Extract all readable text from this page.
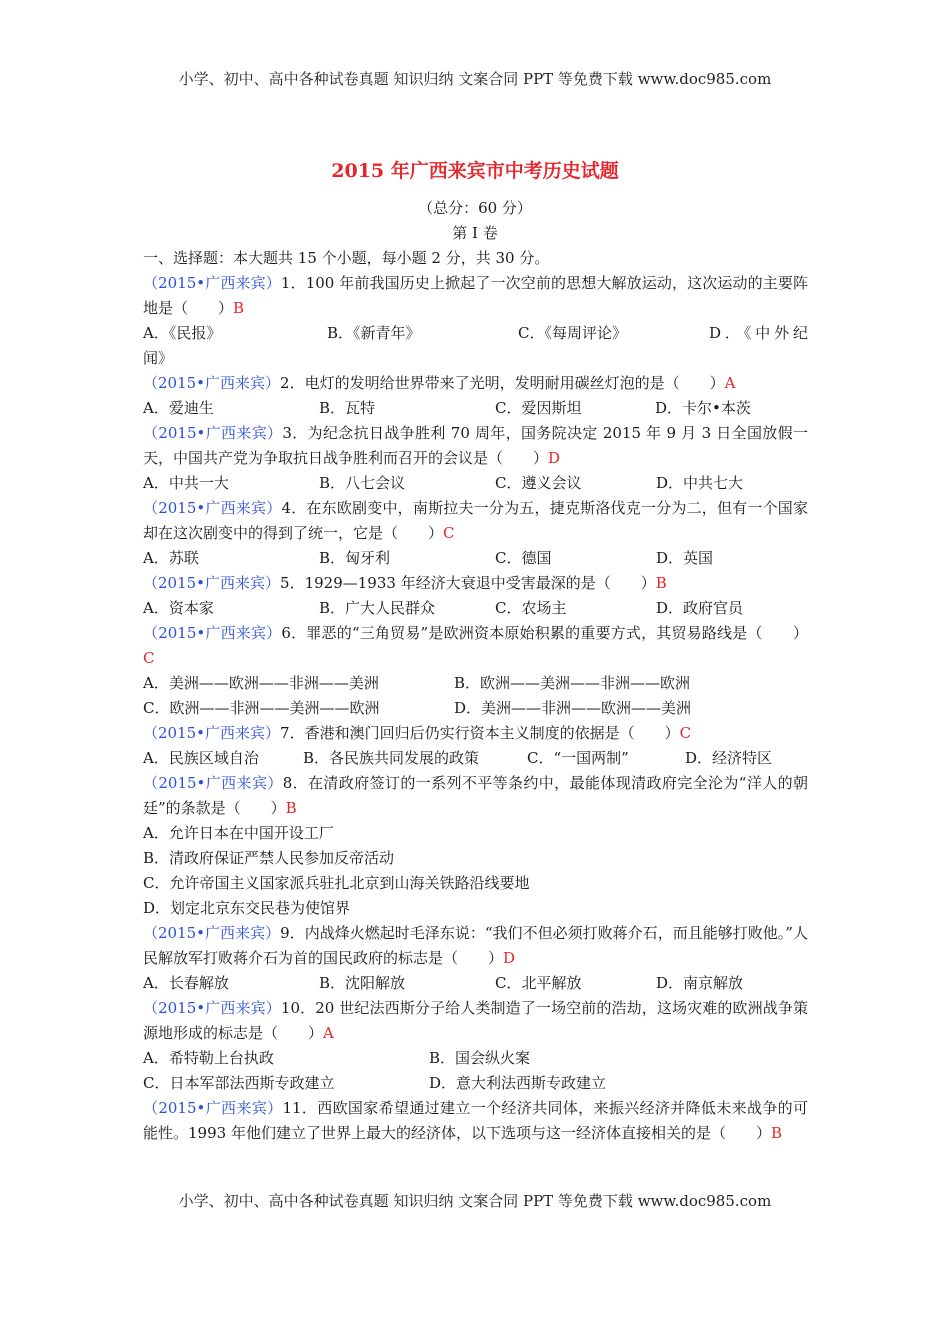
小学、初中、高中各种试卷真题 知识归纳 文案合同 PPT 等免费下载 www.doc985.com
2015 年广西来宾市中考历史试题
（总分：60 分）
第 I 卷
一、选择题：本大题共 15 个小题，每小题 2 分，共 30 分。
（2015•广西来宾）1．100 年前我国历史上掀起了一次空前的思想大解放运动，这次运动的主要阵地是（　　）B
A．《民报》	B．《新青年》	C．《每周评论》	D．《中外纪闻》
（2015•广西来宾）2．电灯的发明给世界带来了光明，发明耐用碳丝灯泡的是（　　）A
A．爱迪生	B．瓦特	C．爱因斯坦	D．卡尔•本茨
（2015•广西来宾）3．为纪念抗日战争胜利 70 周年，国务院决定 2015 年 9 月 3 日全国放假一天，中国共产党为争取抗日战争胜利而召开的会议是（　　）D
A．中共一大	B．八七会议	C．遵义会议	D．中共七大
（2015•广西来宾）4．在东欧剧变中，南斯拉夫一分为五，捷克斯洛伐克一分为二，但有一个国家却在这次剧变中的得到了统一，它是（　　）C
A．苏联	B．匈牙利	C．德国	D．英国
（2015•广西来宾）5．1929—1933 年经济大衰退中受害最深的是（　　）B
A．资本家	B．广大人民群众	C．农场主	D．政府官员
（2015•广西来宾）6．罪恶的“三角贸易”是欧洲资本原始积累的重要方式，其贸易路线是（　　）C
A．美洲——欧洲——非洲——美洲	B．欧洲——美洲——非洲——欧洲
C．欧洲——非洲——美洲——欧洲	D．美洲——非洲——欧洲——美洲
（2015•广西来宾）7．香港和澳门回归后仍实行资本主义制度的依据是（　　）C
A．民族区域自治	B．各民族共同发展的政策	C．“一国两制”	D．经济特区
（2015•广西来宾）8．在清政府签订的一系列不平等条约中，最能体现清政府完全沦为“洋人的朝廷”的条款是（　　）B
A．允许日本在中国开设工厂
B．清政府保证严禁人民参加反帝活动
C．允许帝国主义国家派兵驻扎北京到山海关铁路沿线要地
D．划定北京东交民巷为使馆界
（2015•广西来宾）9．内战烽火燃起时毛泽东说：“我们不但必须打败蒋介石，而且能够打败他。”人民解放军打败蒋介石为首的国民政府的标志是（　　）D
A．长春解放	B．沈阳解放	C．北平解放	D．南京解放
（2015•广西来宾）10．20 世纪法西斯分子给人类制造了一场空前的浩劫，这场灾难的欧洲战争策源地形成的标志是（　　）A
A．希特勒上台执政	B．国会纵火案
C．日本军部法西斯专政建立	D．意大利法西斯专政建立
（2015•广西来宾）11．西欧国家希望通过建立一个经济共同体，来振兴经济并降低未来战争的可能性。1993 年他们建立了世界上最大的经济体，以下选项与这一经济体直接相关的是（　　）B
小学、初中、高中各种试卷真题 知识归纳 文案合同 PPT 等免费下载 www.doc985.com
